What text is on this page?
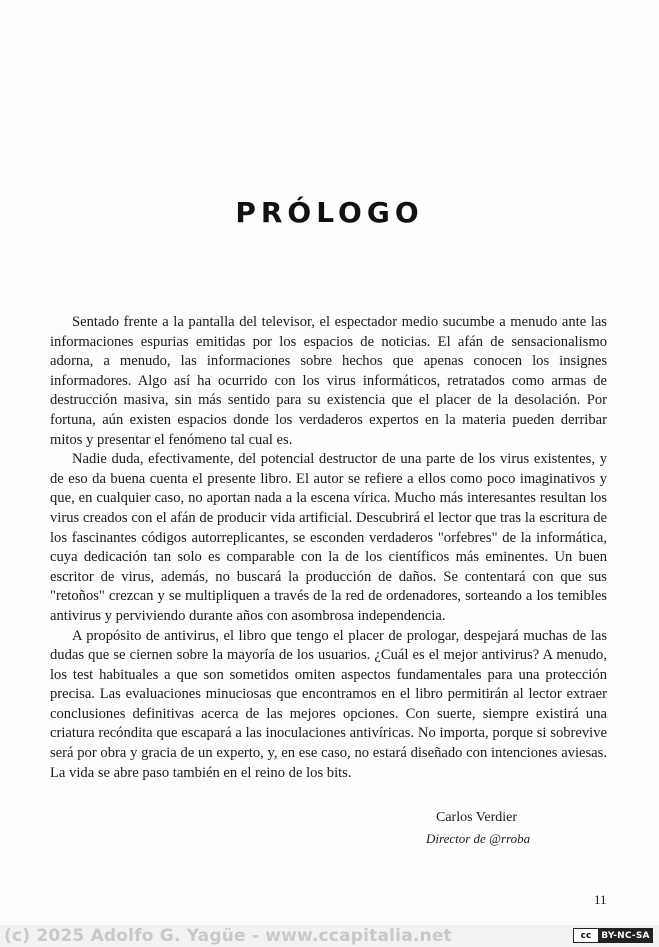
PRÓLOGO

Sentado frente a la pantalla del televisor, el espectador medio sucumbe a menudo ante las informaciones espurias emitidas por los espacios de noticias. El afán de sensacionalismo adorna, a menudo, las informaciones sobre hechos que apenas conocen los insignes informadores. Algo así ha ocurrido con los virus informáticos, retratados como armas de destrucción masiva, sin más sentido para su existencia que el placer de la desolación. Por fortuna, aún existen espacios donde los verdaderos expertos en la materia pueden derribar mitos y presentar el fenómeno tal cual es.

Nadie duda, efectivamente, del potencial destructor de una parte de los virus existentes, y de eso da buena cuenta el presente libro. El autor se refiere a ellos como poco imaginativos y que, en cualquier caso, no aportan nada a la escena vírica. Mucho más interesantes resultan los virus creados con el afán de producir vida artificial. Descubrirá el lector que tras la escritura de los fascinantes códigos autorreplicantes, se esconden verdaderos "orfebres" de la informática, cuya dedicación tan solo es comparable con la de los científicos más eminentes. Un buen escritor de virus, además, no buscará la producción de daños. Se contentará con que sus "retoños" crezcan y se multipliquen a través de la red de ordenadores, sorteando a los temibles antivirus y perviviendo durante años con asombrosa independencia.

A propósito de antivirus, el libro que tengo el placer de prologar, despejará muchas de las dudas que se ciernen sobre la mayoría de los usuarios. ¿Cuál es el mejor antivirus? A menudo, los test habituales a que son sometidos omiten aspectos fundamentales para una protección precisa. Las evaluaciones minuciosas que encontramos en el libro permitirán al lector extraer conclusiones definitivas acerca de las mejores opciones. Con suerte, siempre existirá una criatura recóndita que escapará a las inoculaciones antivíricas. No importa, porque si sobrevive será por obra y gracia de un experto, y, en ese caso, no estará diseñado con intenciones aviesas. La vida se abre paso también en el reino de los bits.

Carlos Verdier
Director de @rroba
11
(c) 2025 Adolfo G. Yagüe - www.ccapitalia.net	cc	BY-NC-SA
